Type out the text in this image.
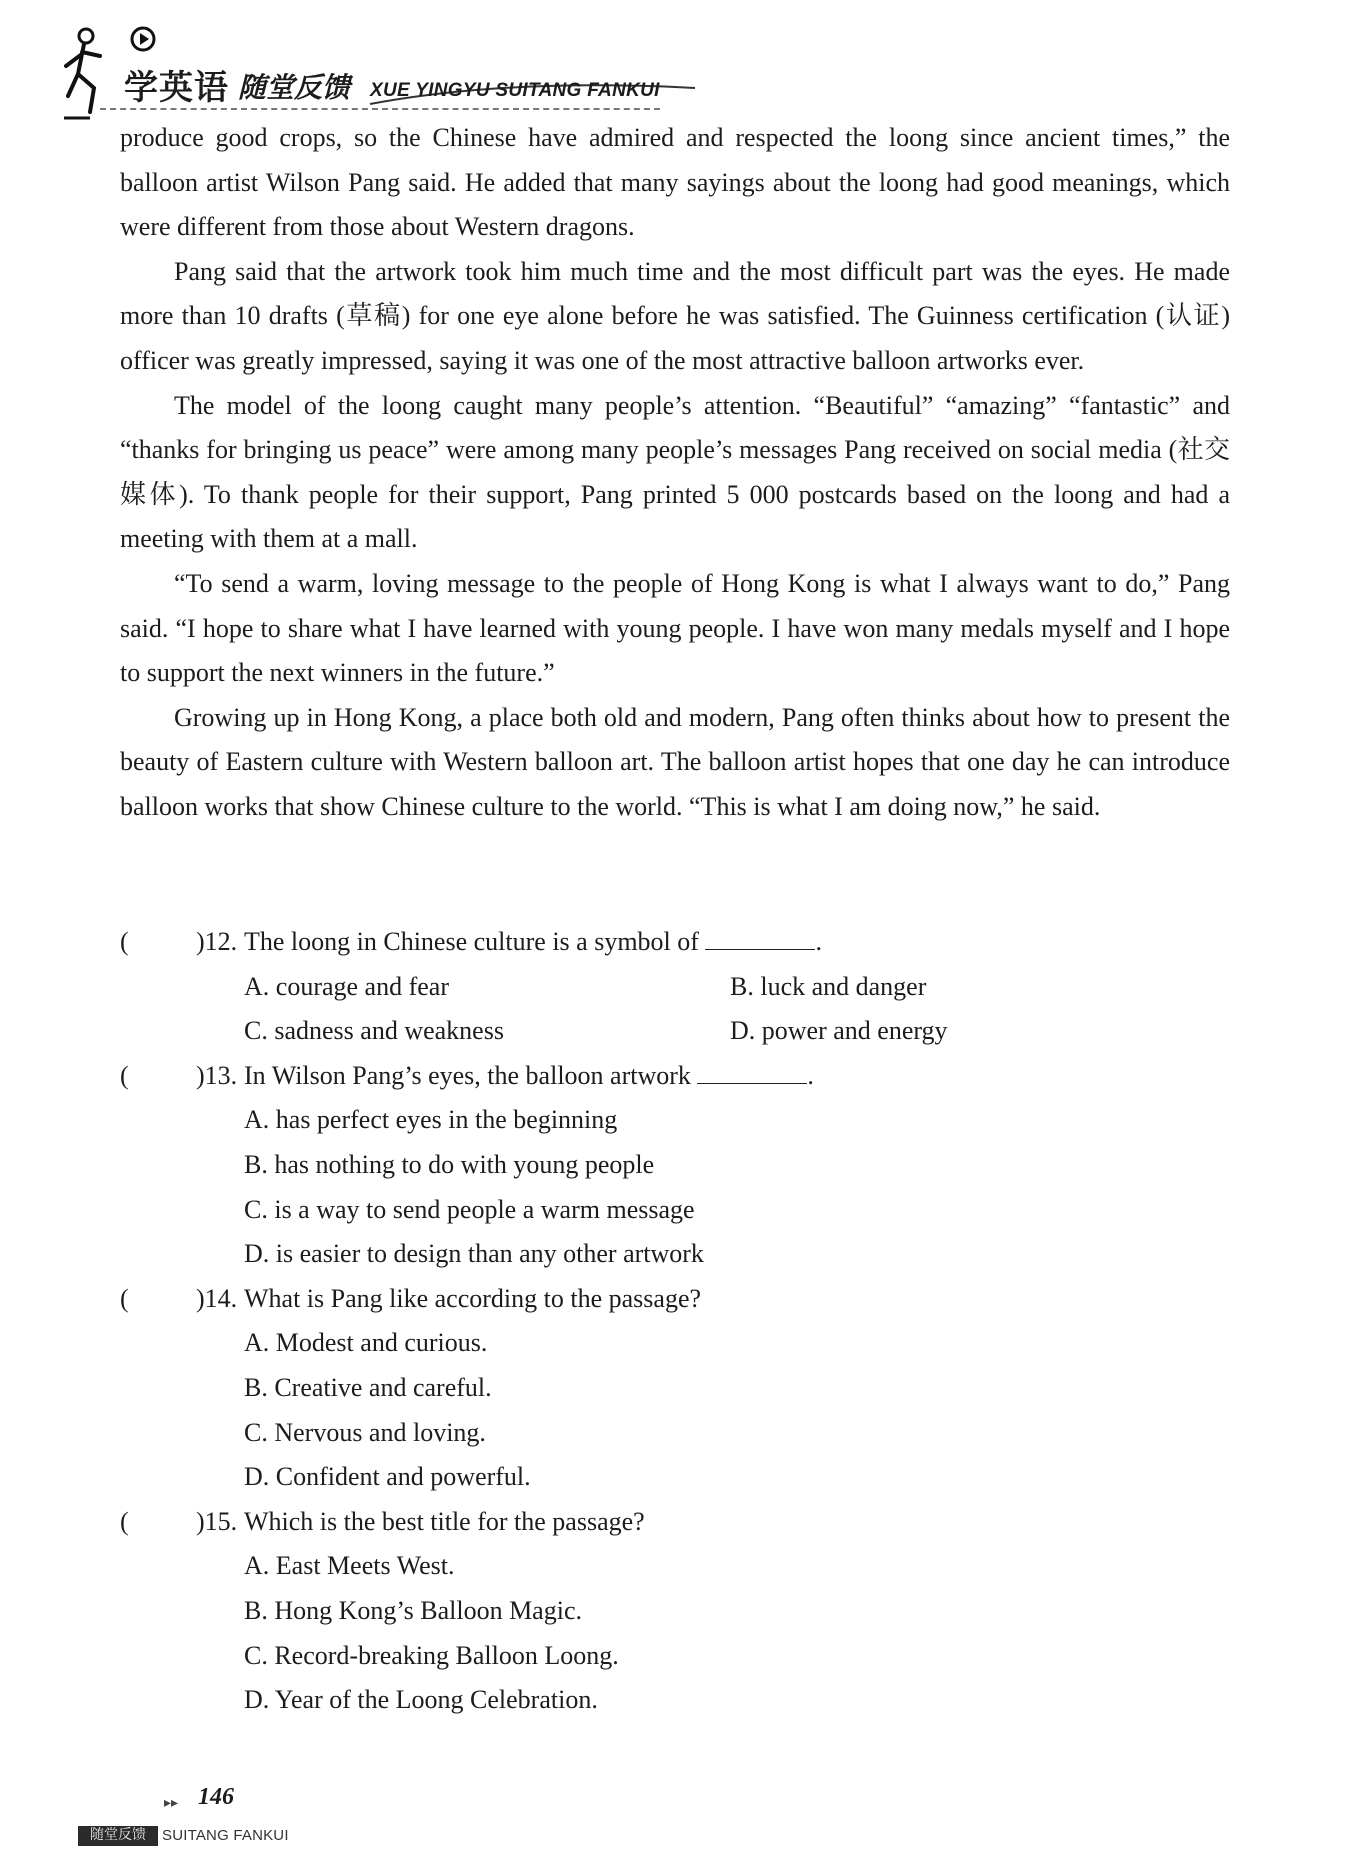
学英语 随堂反馈 XUE YINGYU SUITANG FANKUI

produce good crops, so the Chinese have admired and respected the loong since ancient times,” the balloon artist Wilson Pang said. He added that many sayings about the loong had good meanings, which were different from those about Western dragons.

Pang said that the artwork took him much time and the most difficult part was the eyes. He made more than 10 drafts (草稿) for one eye alone before he was satisfied. The Guinness certification (认证) officer was greatly impressed, saying it was one of the most attractive balloon artworks ever.

The model of the loong caught many people’s attention. “Beautiful” “amazing” “fantastic” and “thanks for bringing us peace” were among many people’s messages Pang received on social media (社交媒体). To thank people for their support, Pang printed 5 000 postcards based on the loong and had a meeting with them at a mall.

“To send a warm, loving message to the people of Hong Kong is what I always want to do,” Pang said. “I hope to share what I have learned with young people. I have won many medals myself and I hope to support the next winners in the future.”

Growing up in Hong Kong, a place both old and modern, Pang often thinks about how to present the beauty of Eastern culture with Western balloon art. The balloon artist hopes that one day he can introduce balloon works that show Chinese culture to the world. “This is what I am doing now,” he said.

(	)12. The loong in Chinese culture is a symbol of	.
A. courage and fear	B. luck and danger
C. sadness and weakness	D. power and energy
(	)13. In Wilson Pang’s eyes, the balloon artwork	.
A. has perfect eyes in the beginning
B. has nothing to do with young people
C. is a way to send people a warm message
D. is easier to design than any other artwork
(	)14. What is Pang like according to the passage?
A. Modest and curious.
B. Creative and careful.
C. Nervous and loving.
D. Confident and powerful.
(	)15. Which is the best title for the passage?
A. East Meets West.
B. Hong Kong’s Balloon Magic.
C. Record-breaking Balloon Loong.
D. Year of the Loong Celebration.
▸▸ 146
随堂反馈	SUITANG FANKUI
